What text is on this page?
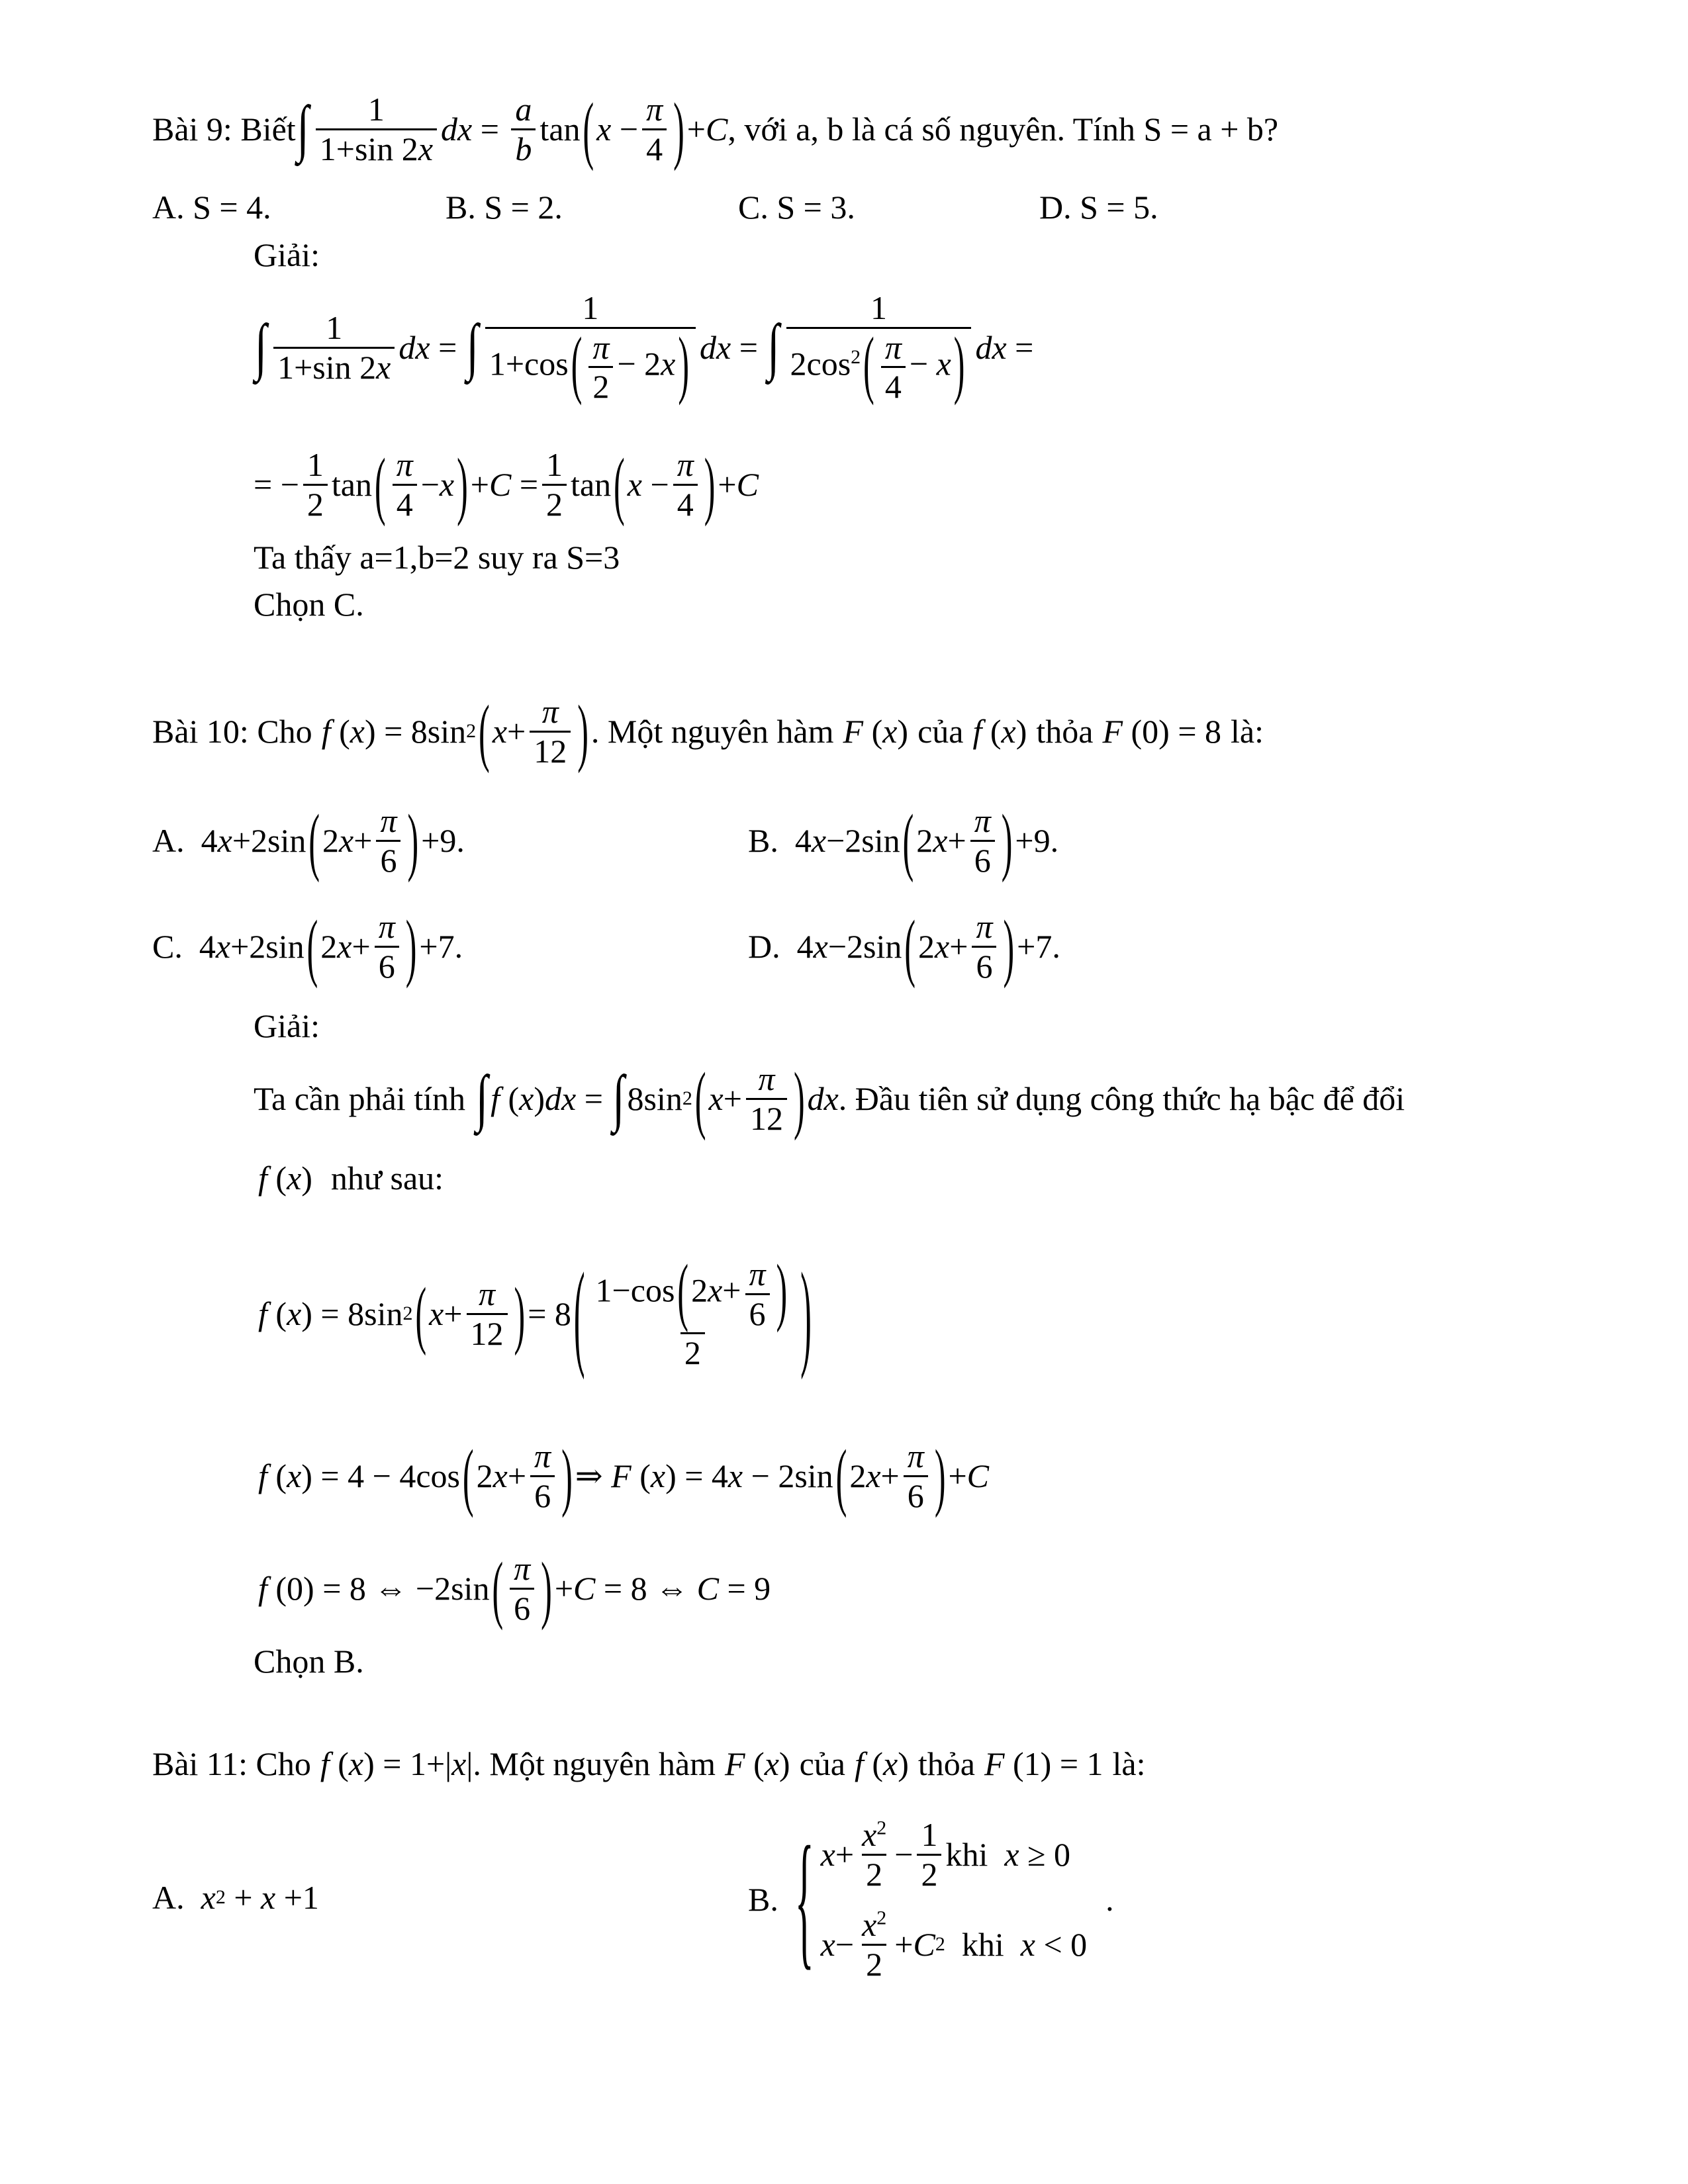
Bài 9: Biết ∫ $\frac{1}{1+\sin 2x}$ dx = $\frac{a}{b}$ tan ( $x - \frac{\pi}{4}$ ) + C , với a, b là cá số nguyên. Tính S = a + b?
A. S = 4.	B. S = 2.	C. S = 3.	D. S = 5.
Giải:
∫ $\frac{1}{1+\sin 2x}$ dx = ∫ $\frac{1}{1+\cos( \frac{\pi}{2} - 2x)}$ dx = ∫ $\frac{1}{2\cos^2( \frac{\pi}{4} - x)}$ dx =
= − $\frac{1}{2}$ tan ( $\frac{\pi}{4} - x$ ) + $C = \frac{1}{2}$ tan ( $x - \frac{\pi}{4}$ ) + C
Ta thấy a=1,b=2 suy ra S=3
Chọn C.
Bài 10: Cho f ( x ) = 8sin 2 ( $x + \frac{\pi}{12}$ ) . Một nguyên hàm F ( x ) của f ( x ) thỏa F (0) = 8 là:
A. 4 x +2sin ( 2 $x + \frac{\pi}{6}$ ) +9.	B. 4 x −2sin ( 2 $x + \frac{\pi}{6}$ ) +9.
C. 4 x +2sin ( 2 $x + \frac{\pi}{6}$ ) +7.	D. 4 x −2sin ( 2 $x + \frac{\pi}{6}$ ) +7.
Giải:
Ta cần phải tính ∫ f ( x ) dx = ∫ 8sin 2 ( $x + \frac{\pi}{12}$ ) dx . Đầu tiên sử dụng công thức hạ bậc để đổi
f ( x ) như sau:
f ( x ) = 8sin 2 ( $x + \frac{\pi}{12}$ ) = 8 ( $\frac{1-\cos(2x+ \frac{\pi}{6} )}{2}$ )
f ( x ) = 4 − 4cos ( 2 $x + \frac{\pi}{6}$ ) ⇒ F ( x ) = 4 x − 2sin ( 2 $x + \frac{\pi}{6}$ ) + C
f (0) = 8 ⇔ −2sin ( $\frac{\pi}{6}$ ) + C = 8 ⇔ C = 9
Chọn B.
Bài 11: Cho f ( x ) = 1+| x | . Một nguyên hàm F ( x ) của f ( x ) thỏa F (1) = 1 là:
A.
x 2 + x +1	B.
{ $x + \frac{x^2}{2} - \frac{1}{2}$ khi
x ≥ 0
$x - \frac{x^2}{2} + C$ 2
khi
x < 0
.
